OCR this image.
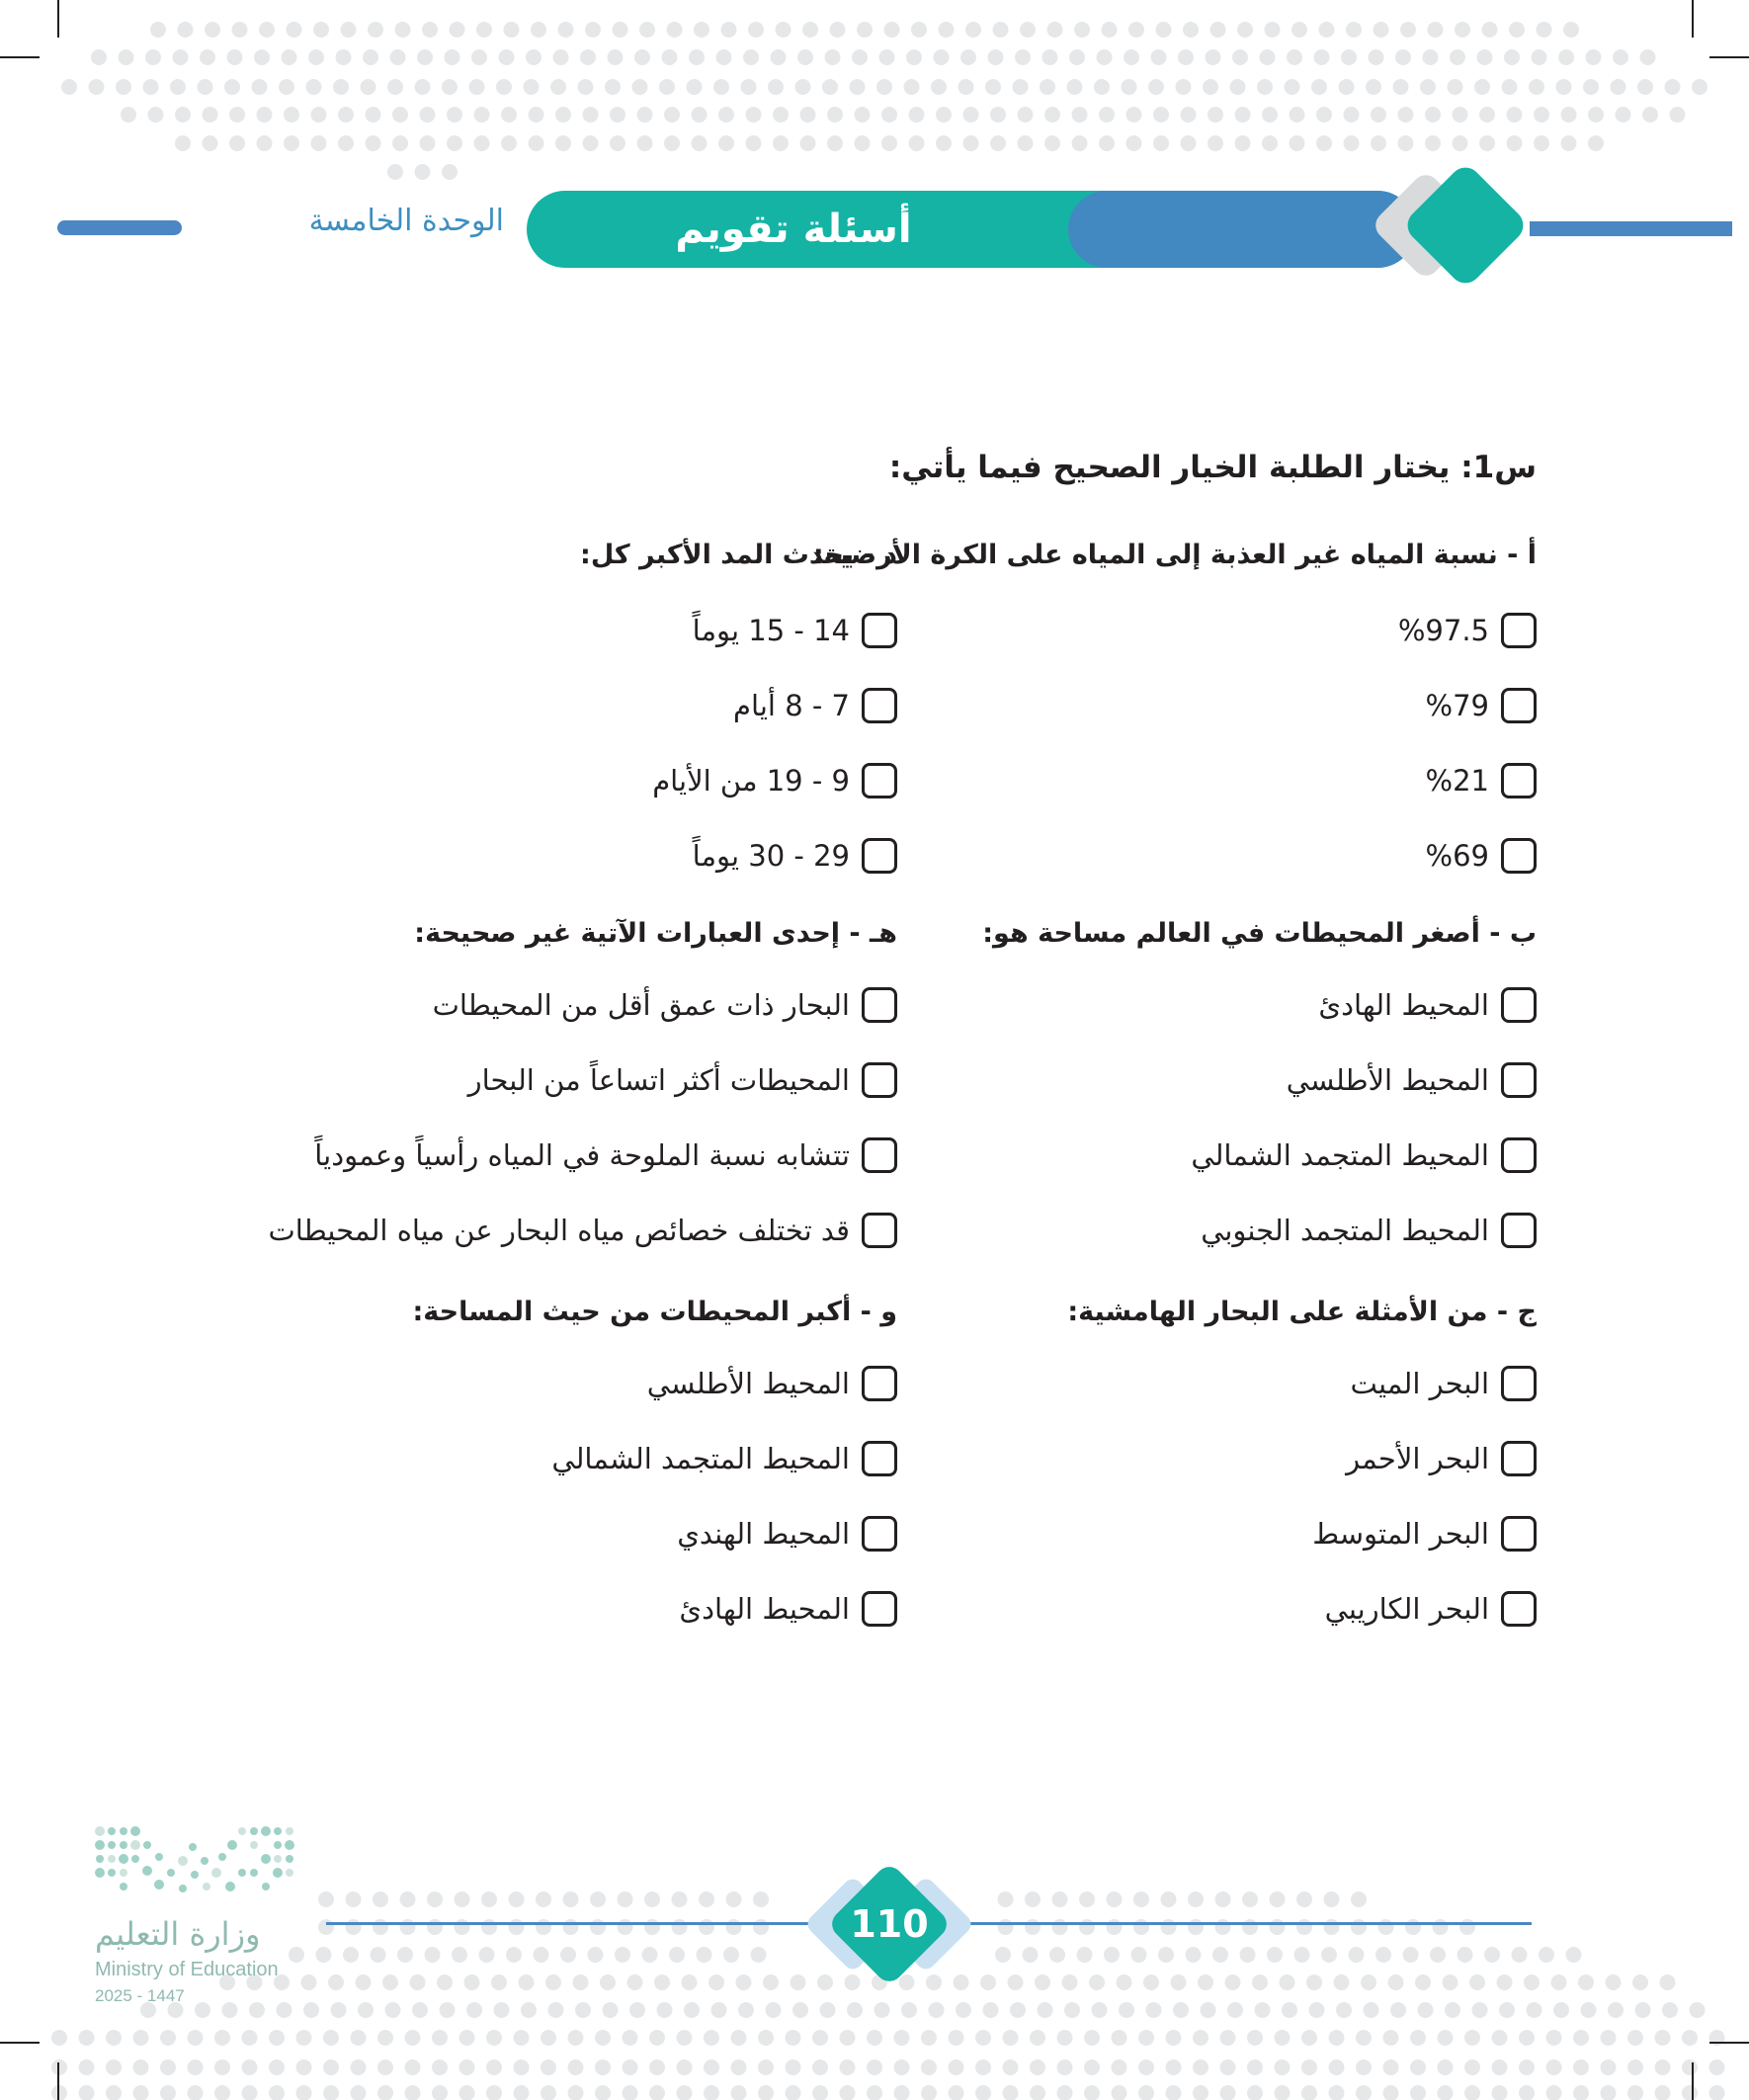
الوحدة الخامسة	أسئلة تقويم
س1: يختار الطلبة الخيار الصحيح فيما يأتي:
أ - نسبة المياه غير العذبة إلى المياه على الكرة الأرضية:
%97.5
%79
%21
%69
ب - أصغر المحيطات في العالم مساحة هو:
المحيط الهادئ
المحيط الأطلسي
المحيط المتجمد الشمالي
المحيط المتجمد الجنوبي
ج - من الأمثلة على البحار الهامشية:
البحر الميت
البحر الأحمر
البحر المتوسط
البحر الكاريبي
د - يحدث المد الأكبر كل:
14 - 15 يوماً
7 - 8 أيام
9 - 19 من الأيام
29 - 30 يوماً
هـ - إحدى العبارات الآتية غير صحيحة:
البحار ذات عمق أقل من المحيطات
المحيطات أكثر اتساعاً من البحار
تتشابه نسبة الملوحة في المياه رأسياً وعمودياً
قد تختلف خصائص مياه البحار عن مياه المحيطات
و - أكبر المحيطات من حيث المساحة:
المحيط الأطلسي
المحيط المتجمد الشمالي
المحيط الهندي
المحيط الهادئ
110
وزارة التعليم
Ministry of Education
2025 - 1447
